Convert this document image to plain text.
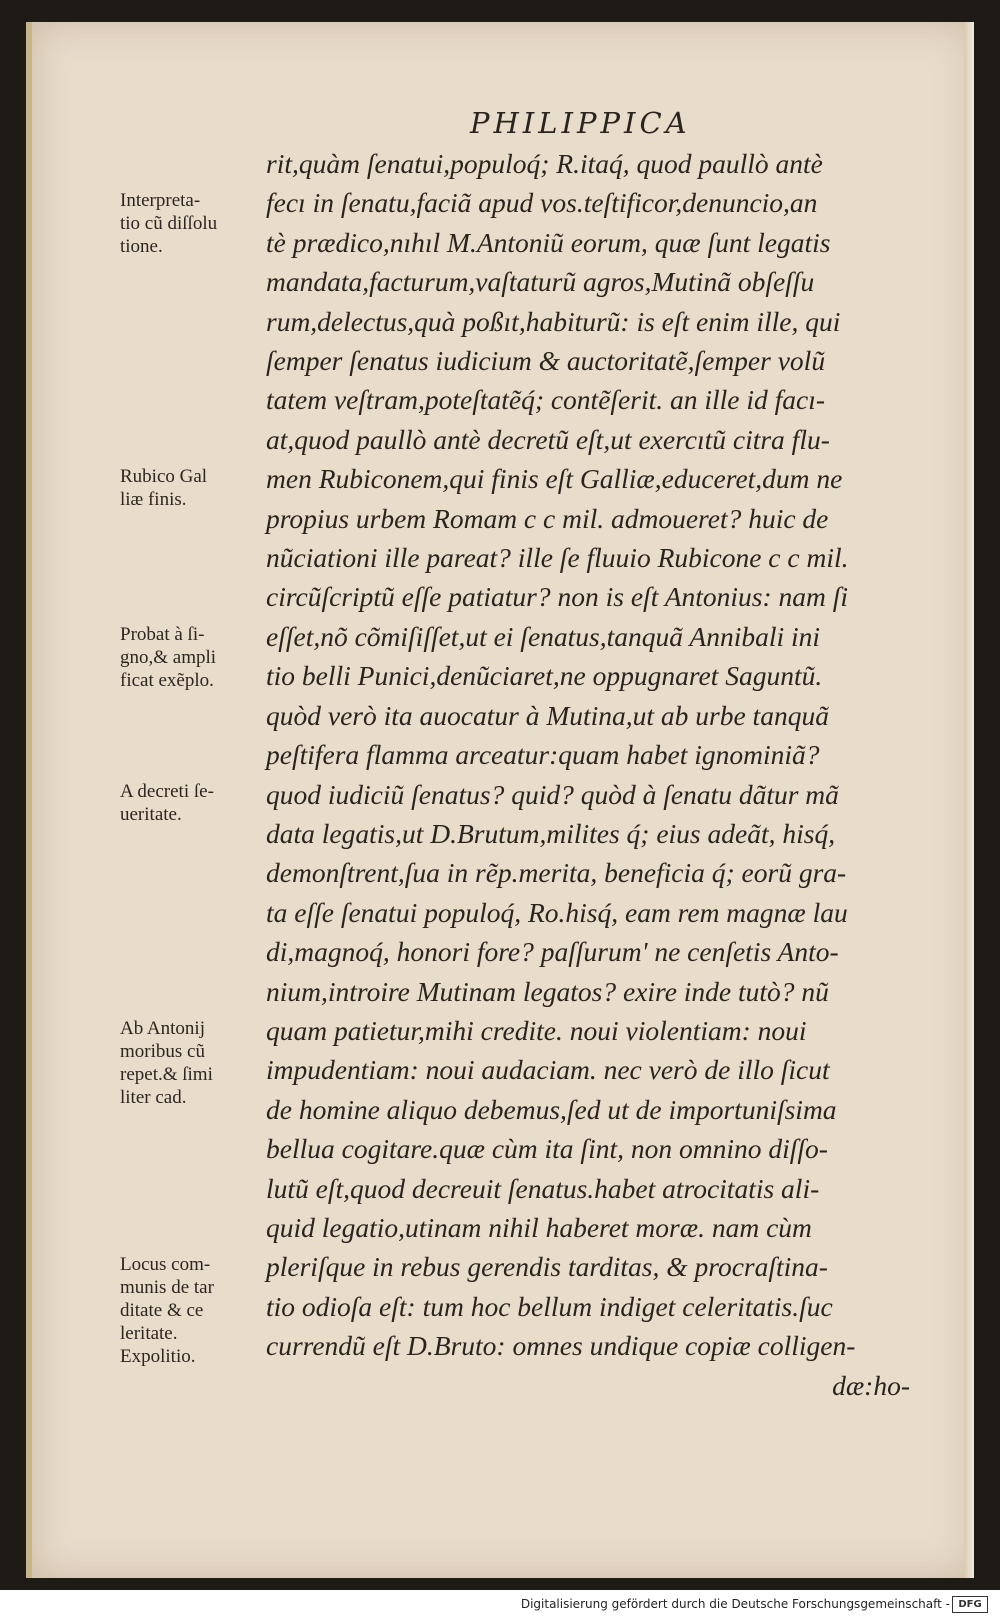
PHILIPPICA
rit,quàm ſenatui,populoq́; R.itaq́, quod paullò antè
fecı in ſenatu,faciã apud vos.teſtificor,denuncio,an
tè prædico,nıhıl M.Antoniũ eorum, quæ ſunt legatis
mandata,facturum,vaſtaturũ agros,Mutinã obſeſſu
rum,delectus,quà poßıt,habiturũ: is eſt enim ille, qui
ſemper ſenatus iudicium & auctoritatẽ,ſemper volũ
tatem veſtram,poteſtatẽq́; contẽſerit. an ille id facı-
at,quod paullò antè decretũ eſt,ut exercıtũ citra flu-
men Rubiconem,qui finis eſt Galliæ,educeret,dum ne
propius urbem Romam c c mil. admoueret? huic de
nũciationi ille pareat? ille ſe fluuio Rubicone c c mil.
circũſcriptũ eſſe patiatur? non is eſt Antonius: nam ſi
eſſet,nõ cõmiſiſſet,ut ei ſenatus,tanquã Annibali ini
tio belli Punici,denũciaret,ne oppugnaret Saguntũ.
quòd verò ita auocatur à Mutina,ut ab urbe tanquã
peſtifera flamma arceatur:quam habet ignominiã?
quod iudiciũ ſenatus? quid? quòd à ſenatu dãtur mã
data legatis,ut D.Brutum,milites q́; eius adeãt, hisq́,
demonſtrent,ſua in rẽp.merita, beneficia q́; eorũ gra-
ta eſſe ſenatui populoq́, Ro.hisq́, eam rem magnæ lau
di,magnoq́, honori fore? paſſurum' ne cenſetis Anto-
nium,introire Mutinam legatos? exire inde tutò? nũ
quam patietur,mihi credite. noui violentiam: noui
impudentiam: noui audaciam. nec verò de illo ſicut
de homine aliquo debemus,ſed ut de importuniſsima
bellua cogitare.quæ cùm ita ſint, non omnino diſſo-
lutũ eſt,quod decreuit ſenatus.habet atrocitatis ali-
quid legatio,utinam nihil haberet moræ. nam cùm
pleriſque in rebus gerendis tarditas, & procraſtina-
tio odioſa eſt: tum hoc bellum indiget celeritatis.ſuc
currendũ eſt D.Bruto: omnes undique copiæ colligen-
dæ:ho-
Interpreta-
tio cũ diſſolu
tione.
Rubico Gal
liæ finis.
Probat à ſi-
gno,& ampli
ficat exẽplo.
A decreti ſe-
ueritate.
Ab Antonij
moribus cũ
repet.& ſimi
liter cad.
Locus com-
munis de tar
ditate & ce
leritate.
Expolitio.
Digitalisierung gefördert durch die Deutsche Forschungsgemeinschaft - DFG
